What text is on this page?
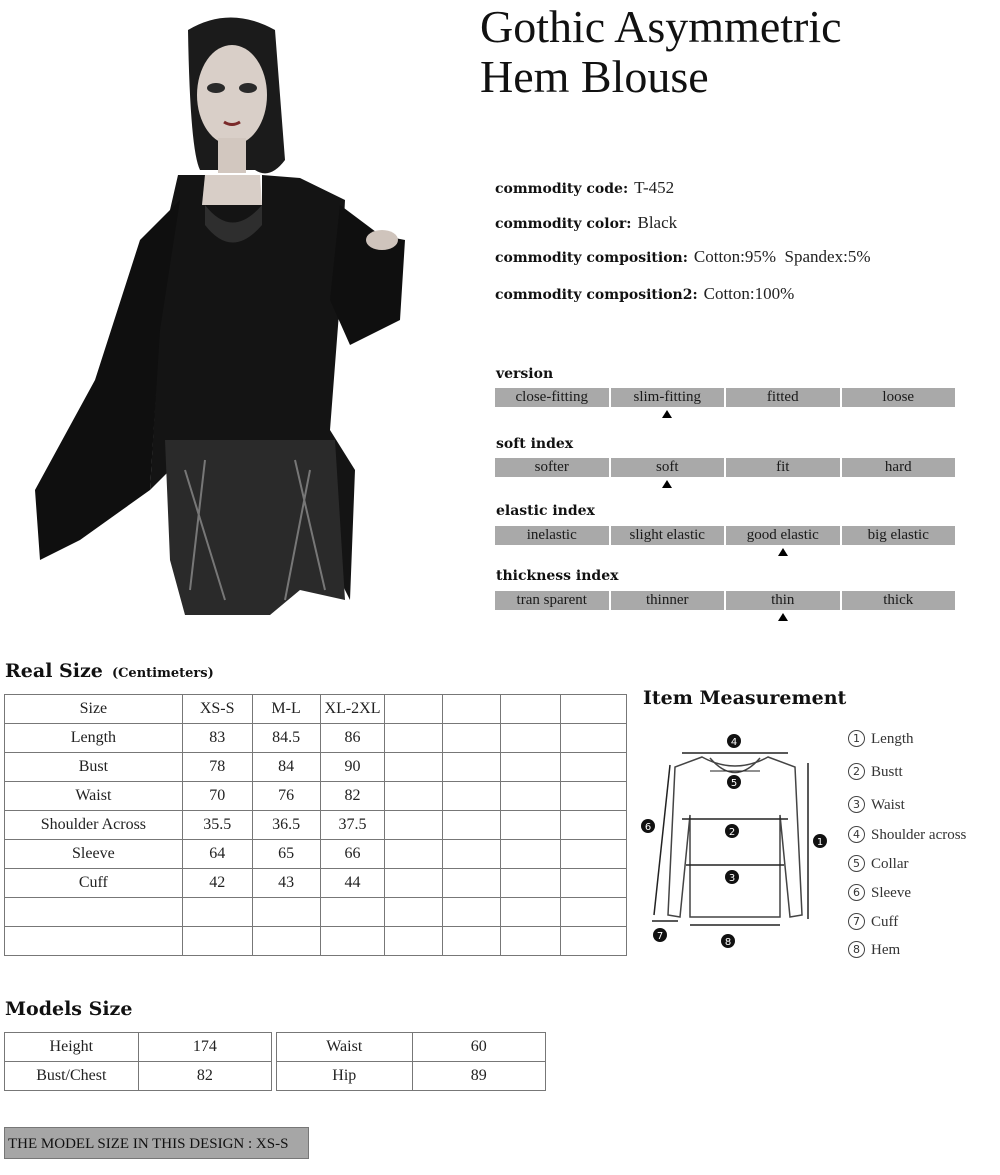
Gothic Asymmetric
Hem Blouse
commodity code: T-452
commodity color: Black
commodity composition: Cotton:95%  Spandex:5%
commodity composition2: Cotton:100%
version
close-fitting	slim-fitting	fitted	loose
soft index
softer	soft	fit	hard
elastic index
inelastic	slight elastic	good elastic	big elastic
thickness index
tran sparent	thinner	thin	thick
Real Size (Centimeters)
Size	XS-S	M-L	XL-2XL				
Length	83	84.5	86				
Bust	78	84	90				
Waist	70	76	82				
Shoulder Across	35.5	36.5	37.5				
Sleeve	64	65	66				
Cuff	42	43	44				

Item Measurement
4
5
2
3
1
6
7
8
1 Length
2 Bustt
3 Waist
4 Shoulder across
5 Collar
6 Sleeve
7 Cuff
8 Hem
Models Size
Height	174
Bust/Chest	82
Waist	60
Hip	89
THE MODEL SIZE IN THIS DESIGN : XS-S
